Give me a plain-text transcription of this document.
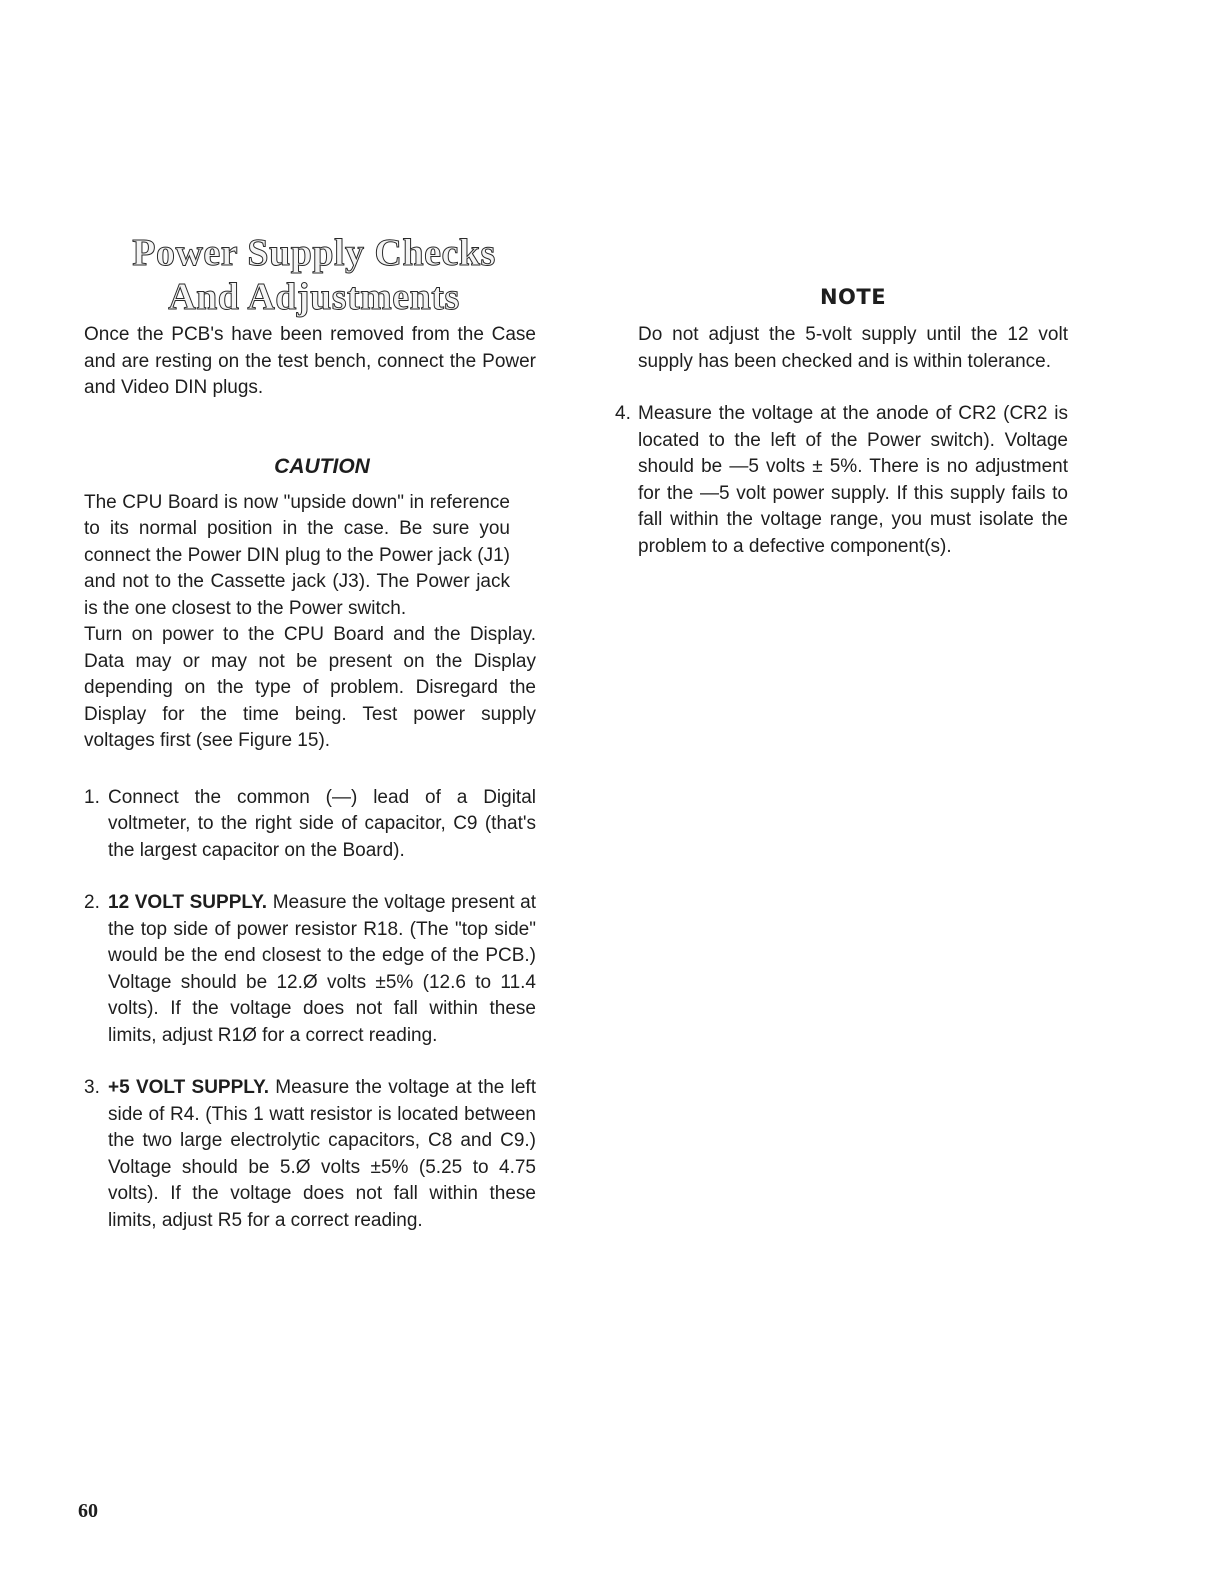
Power Supply Checks
And Adjustments

Once the PCB's have been removed from the Case and are resting on the test bench, connect the Power and Video DIN plugs.

CAUTION

The CPU Board is now "upside down" in reference to its normal position in the case. Be sure you connect the Power DIN plug to the Power jack (J1) and not to the Cassette jack (J3). The Power jack is the one closest to the Power switch.

Turn on power to the CPU Board and the Display. Data may or may not be present on the Display depending on the type of problem. Disregard the Display for the time being. Test power supply voltages first (see Figure 15).

1. Connect the common (—) lead of a Digital voltmeter, to the right side of capacitor, C9 (that's the largest capacitor on the Board).

2. 12 VOLT SUPPLY. Measure the voltage present at the top side of power resistor R18. (The "top side" would be the end closest to the edge of the PCB.) Voltage should be 12.Ø volts ±5% (12.6 to 11.4 volts). If the voltage does not fall within these limits, adjust R1Ø for a correct reading.

3. +5 VOLT SUPPLY. Measure the voltage at the left side of R4. (This 1 watt resistor is located between the two large electrolytic capacitors, C8 and C9.) Voltage should be 5.Ø volts ±5% (5.25 to 4.75 volts). If the voltage does not fall within these limits, adjust R5 for a correct reading.

NOTE

Do not adjust the 5-volt supply until the 12 volt supply has been checked and is within tolerance.

4. Measure the voltage at the anode of CR2 (CR2 is located to the left of the Power switch). Voltage should be —5 volts ± 5%. There is no adjustment for the —5 volt power supply. If this supply fails to fall within the voltage range, you must isolate the problem to a defective component(s).

60
